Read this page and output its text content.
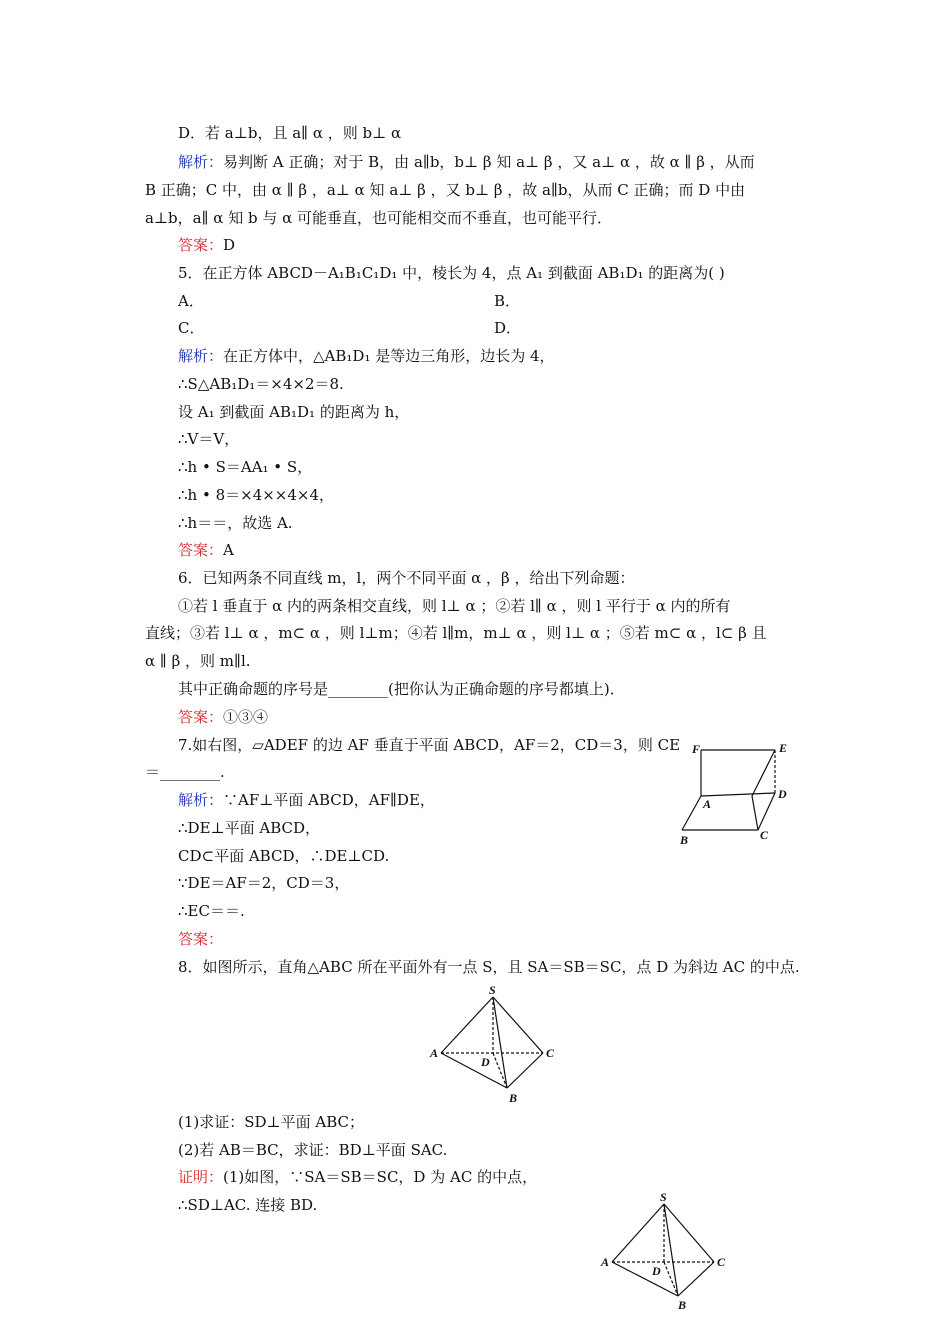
D．若 a⊥b，且 a∥ α ，则 b⊥ α
解析：易判断 A 正确；对于 B，由 a∥b，b⊥ β 知 a⊥ β ，又 a⊥ α ，故 α ∥ β ，从而
B 正确；C 中，由 α ∥ β ，a⊥ α 知 a⊥ β ，又 b⊥ β ，故 a∥b，从而 C 正确；而 D 中由
a⊥b，a∥ α 知 b 与 α 可能垂直，也可能相交而不垂直，也可能平行．
答案：D
5．在正方体 ABCD－A₁B₁C₁D₁ 中，棱长为 4，点 A₁ 到截面 AB₁D₁ 的距离为( )
A．	B．
C．	D．
解析：在正方体中，△AB₁D₁ 是等边三角形，边长为 4，
∴S△AB₁D₁＝×4×2＝8.
设 A₁ 到截面 AB₁D₁ 的距离为 h，
∴V＝V，
∴h • S＝AA₁ • S，
∴h • 8＝×4××4×4，
∴h＝＝，故选 A.
答案：A
6．已知两条不同直线 m，l，两个不同平面 α ，β ，给出下列命题：
①若 l 垂直于 α 内的两条相交直线，则 l⊥ α ；②若 l∥ α ，则 l 平行于 α 内的所有
直线；③若 l⊥ α ，m⊂ α ，则 l⊥m；④若 l∥m，m⊥ α ，则 l⊥ α ；⑤若 m⊂ α ，l⊂ β 且
α ∥ β ，则 m∥l.
其中正确命题的序号是________(把你认为正确命题的序号都填上)．
答案：①③④
7.如右图，▱ADEF 的边 AF 垂直于平面 ABCD，AF＝2，CD＝3，则 CE
＝________.
解析：∵AF⊥平面 ABCD，AF∥DE，
∴DE⊥平面 ABCD，
CD⊂平面 ABCD，∴DE⊥CD.
∵DE＝AF＝2，CD＝3，
∴EC＝＝.
答案：
F	E
A
D
B	C
8．如图所示，直角△ABC 所在平面外有一点 S，且 SA＝SB＝SC，点 D 为斜边 AC 的中点.
S
A
D
C
B
(1)求证：SD⊥平面 ABC；
(2)若 AB＝BC，求证：BD⊥平面 SAC.
证明：(1)如图，∵SA＝SB＝SC，D 为 AC 的中点，
∴SD⊥AC. 连接 BD.	S
A
D
C
B
